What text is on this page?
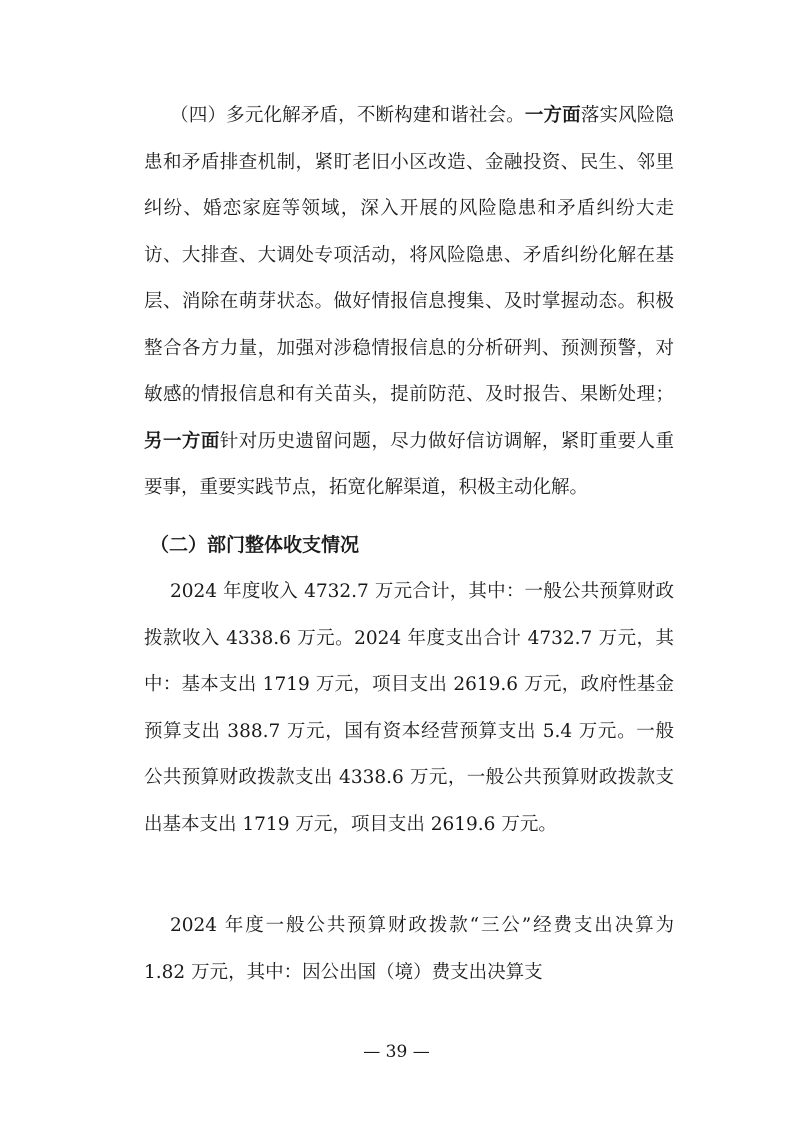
（四）多元化解矛盾，不断构建和谐社会。一方面落实风险隐患和矛盾排查机制，紧盯老旧小区改造、金融投资、民生、邻里纠纷、婚恋家庭等领域，深入开展的风险隐患和矛盾纠纷大走访、大排查、大调处专项活动，将风险隐患、矛盾纠纷化解在基层、消除在萌芽状态。做好情报信息搜集、及时掌握动态。积极整合各方力量，加强对涉稳情报信息的分析研判、预测预警，对敏感的情报信息和有关苗头，提前防范、及时报告、果断处理；另一方面针对历史遗留问题，尽力做好信访调解，紧盯重要人重要事，重要实践节点，拓宽化解渠道，积极主动化解。
（二）部门整体收支情况
2024 年度收入 4732.7 万元合计，其中：一般公共预算财政拨款收入 4338.6 万元。2024 年度支出合计 4732.7 万元，其中：基本支出 1719 万元，项目支出 2619.6 万元，政府性基金预算支出 388.7 万元，国有资本经营预算支出 5.4 万元。一般公共预算财政拨款支出 4338.6 万元，一般公共预算财政拨款支出基本支出 1719 万元，项目支出 2619.6 万元。
2024 年度一般公共预算财政拨款“三公”经费支出决算为 1.82 万元，其中：因公出国（境）费支出决算支
— 39 —
